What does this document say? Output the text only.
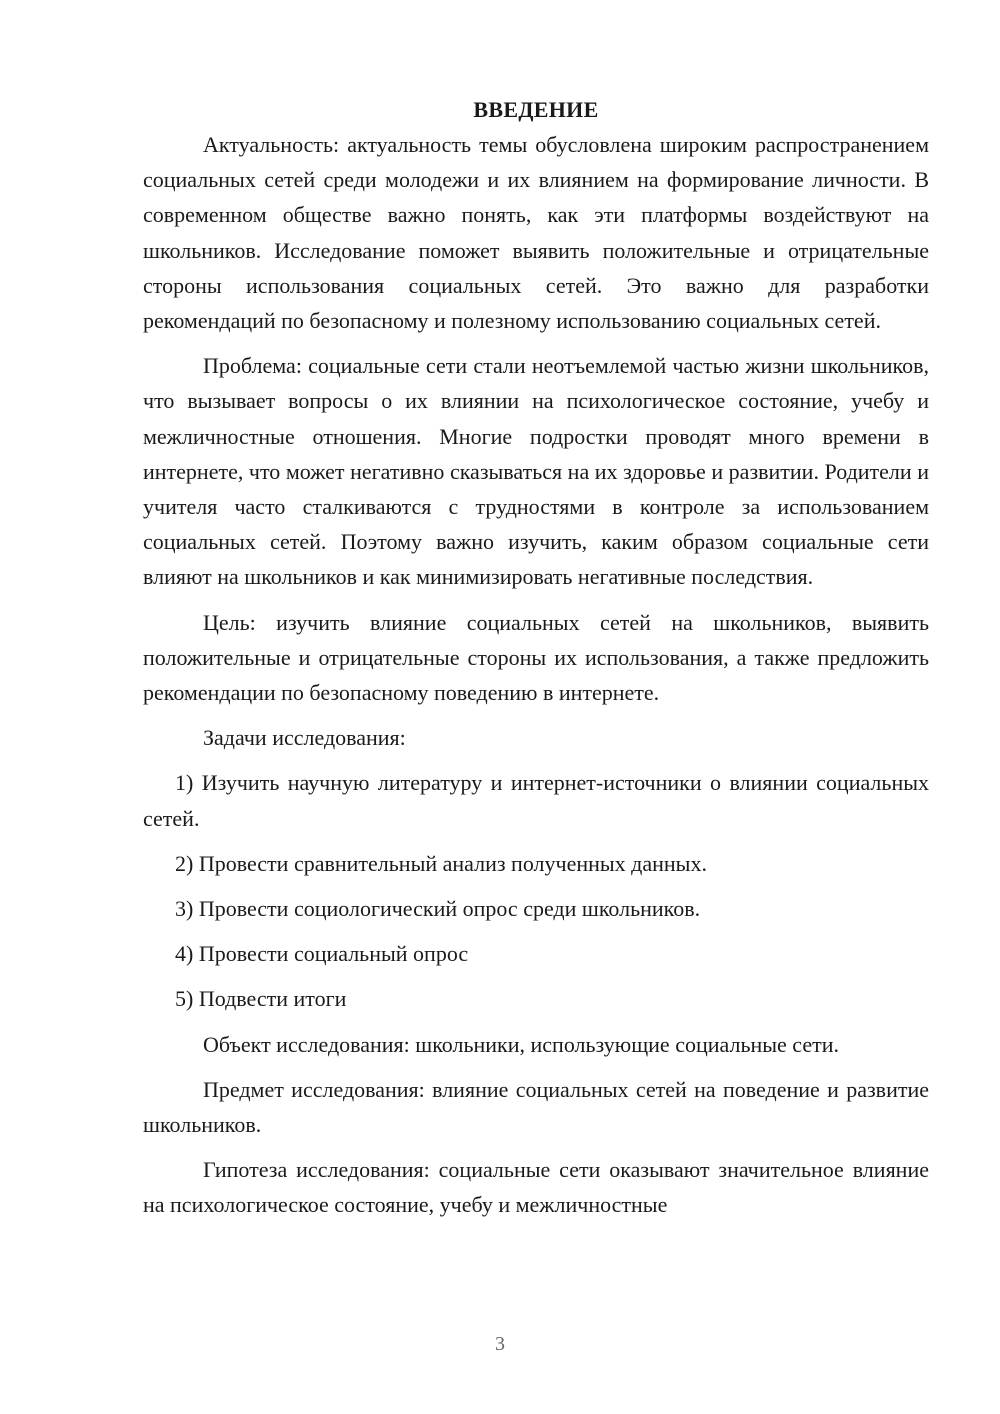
ВВЕДЕНИЕ

Актуальность: актуальность темы обусловлена широким распространением социальных сетей среди молодежи и их влиянием на формирование личности. В современном обществе важно понять, как эти платформы воздействуют на школьников. Исследование поможет выявить положительные и отрицательные стороны использования социальных сетей. Это важно для разработки рекомендаций по безопасному и полезному использованию социальных сетей.

Проблема: социальные сети стали неотъемлемой частью жизни школьников, что вызывает вопросы о их влиянии на психологическое состояние, учебу и межличностные отношения. Многие подростки проводят много времени в интернете, что может негативно сказываться на их здоровье и развитии. Родители и учителя часто сталкиваются с трудностями в контроле за использованием социальных сетей. Поэтому важно изучить, каким образом социальные сети влияют на школьников и как минимизировать негативные последствия.

Цель: изучить влияние социальных сетей на школьников, выявить положительные и отрицательные стороны их использования, а также предложить рекомендации по безопасному поведению в интернете.

Задачи исследования:

1) Изучить научную литературу и интернет-источники о влиянии социальных сетей.

2) Провести сравнительный анализ полученных данных.

3) Провести социологический опрос среди школьников.

4) Провести социальный опрос

5) Подвести итоги

Объект исследования: школьники, использующие социальные сети.

Предмет исследования: влияние социальных сетей на поведение и развитие школьников.

Гипотеза исследования: социальные сети оказывают значительное влияние на психологическое состояние, учебу и межличностные

3
